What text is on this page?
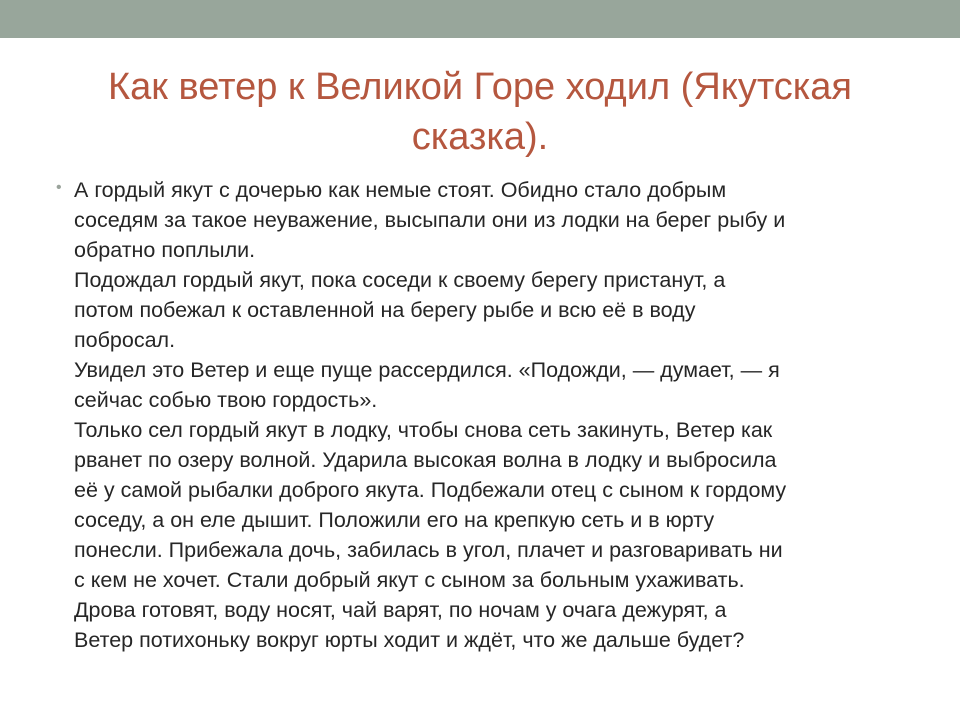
Как ветер к Великой Горе ходил (Якутская
сказка).
• А гордый якут с дочерью как немые стоят. Обидно стало добрым
соседям за такое неуважение, высыпали они из лодки на берег рыбу и
обратно поплыли.
Подождал гордый якут, пока соседи к своему берегу пристанут, а
потом побежал к оставленной на берегу рыбе и всю её в воду
побросал.
Увидел это Ветер и еще пуще рассердился. «Подожди, — думает, — я
сейчас собью твою гордость».
Только сел гордый якут в лодку, чтобы снова сеть закинуть, Ветер как
рванет по озеру волной. Ударила высокая волна в лодку и выбросила
её у самой рыбалки доброго якута. Подбежали отец с сыном к гордому
соседу, а он еле дышит. Положили его на крепкую сеть и в юрту
понесли. Прибежала дочь, забилась в угол, плачет и разговаривать ни
с кем не хочет. Стали добрый якут с сыном за больным ухаживать.
Дрова готовят, воду носят, чай варят, по ночам у очага дежурят, а
Ветер потихоньку вокруг юрты ходит и ждёт, что же дальше будет?
